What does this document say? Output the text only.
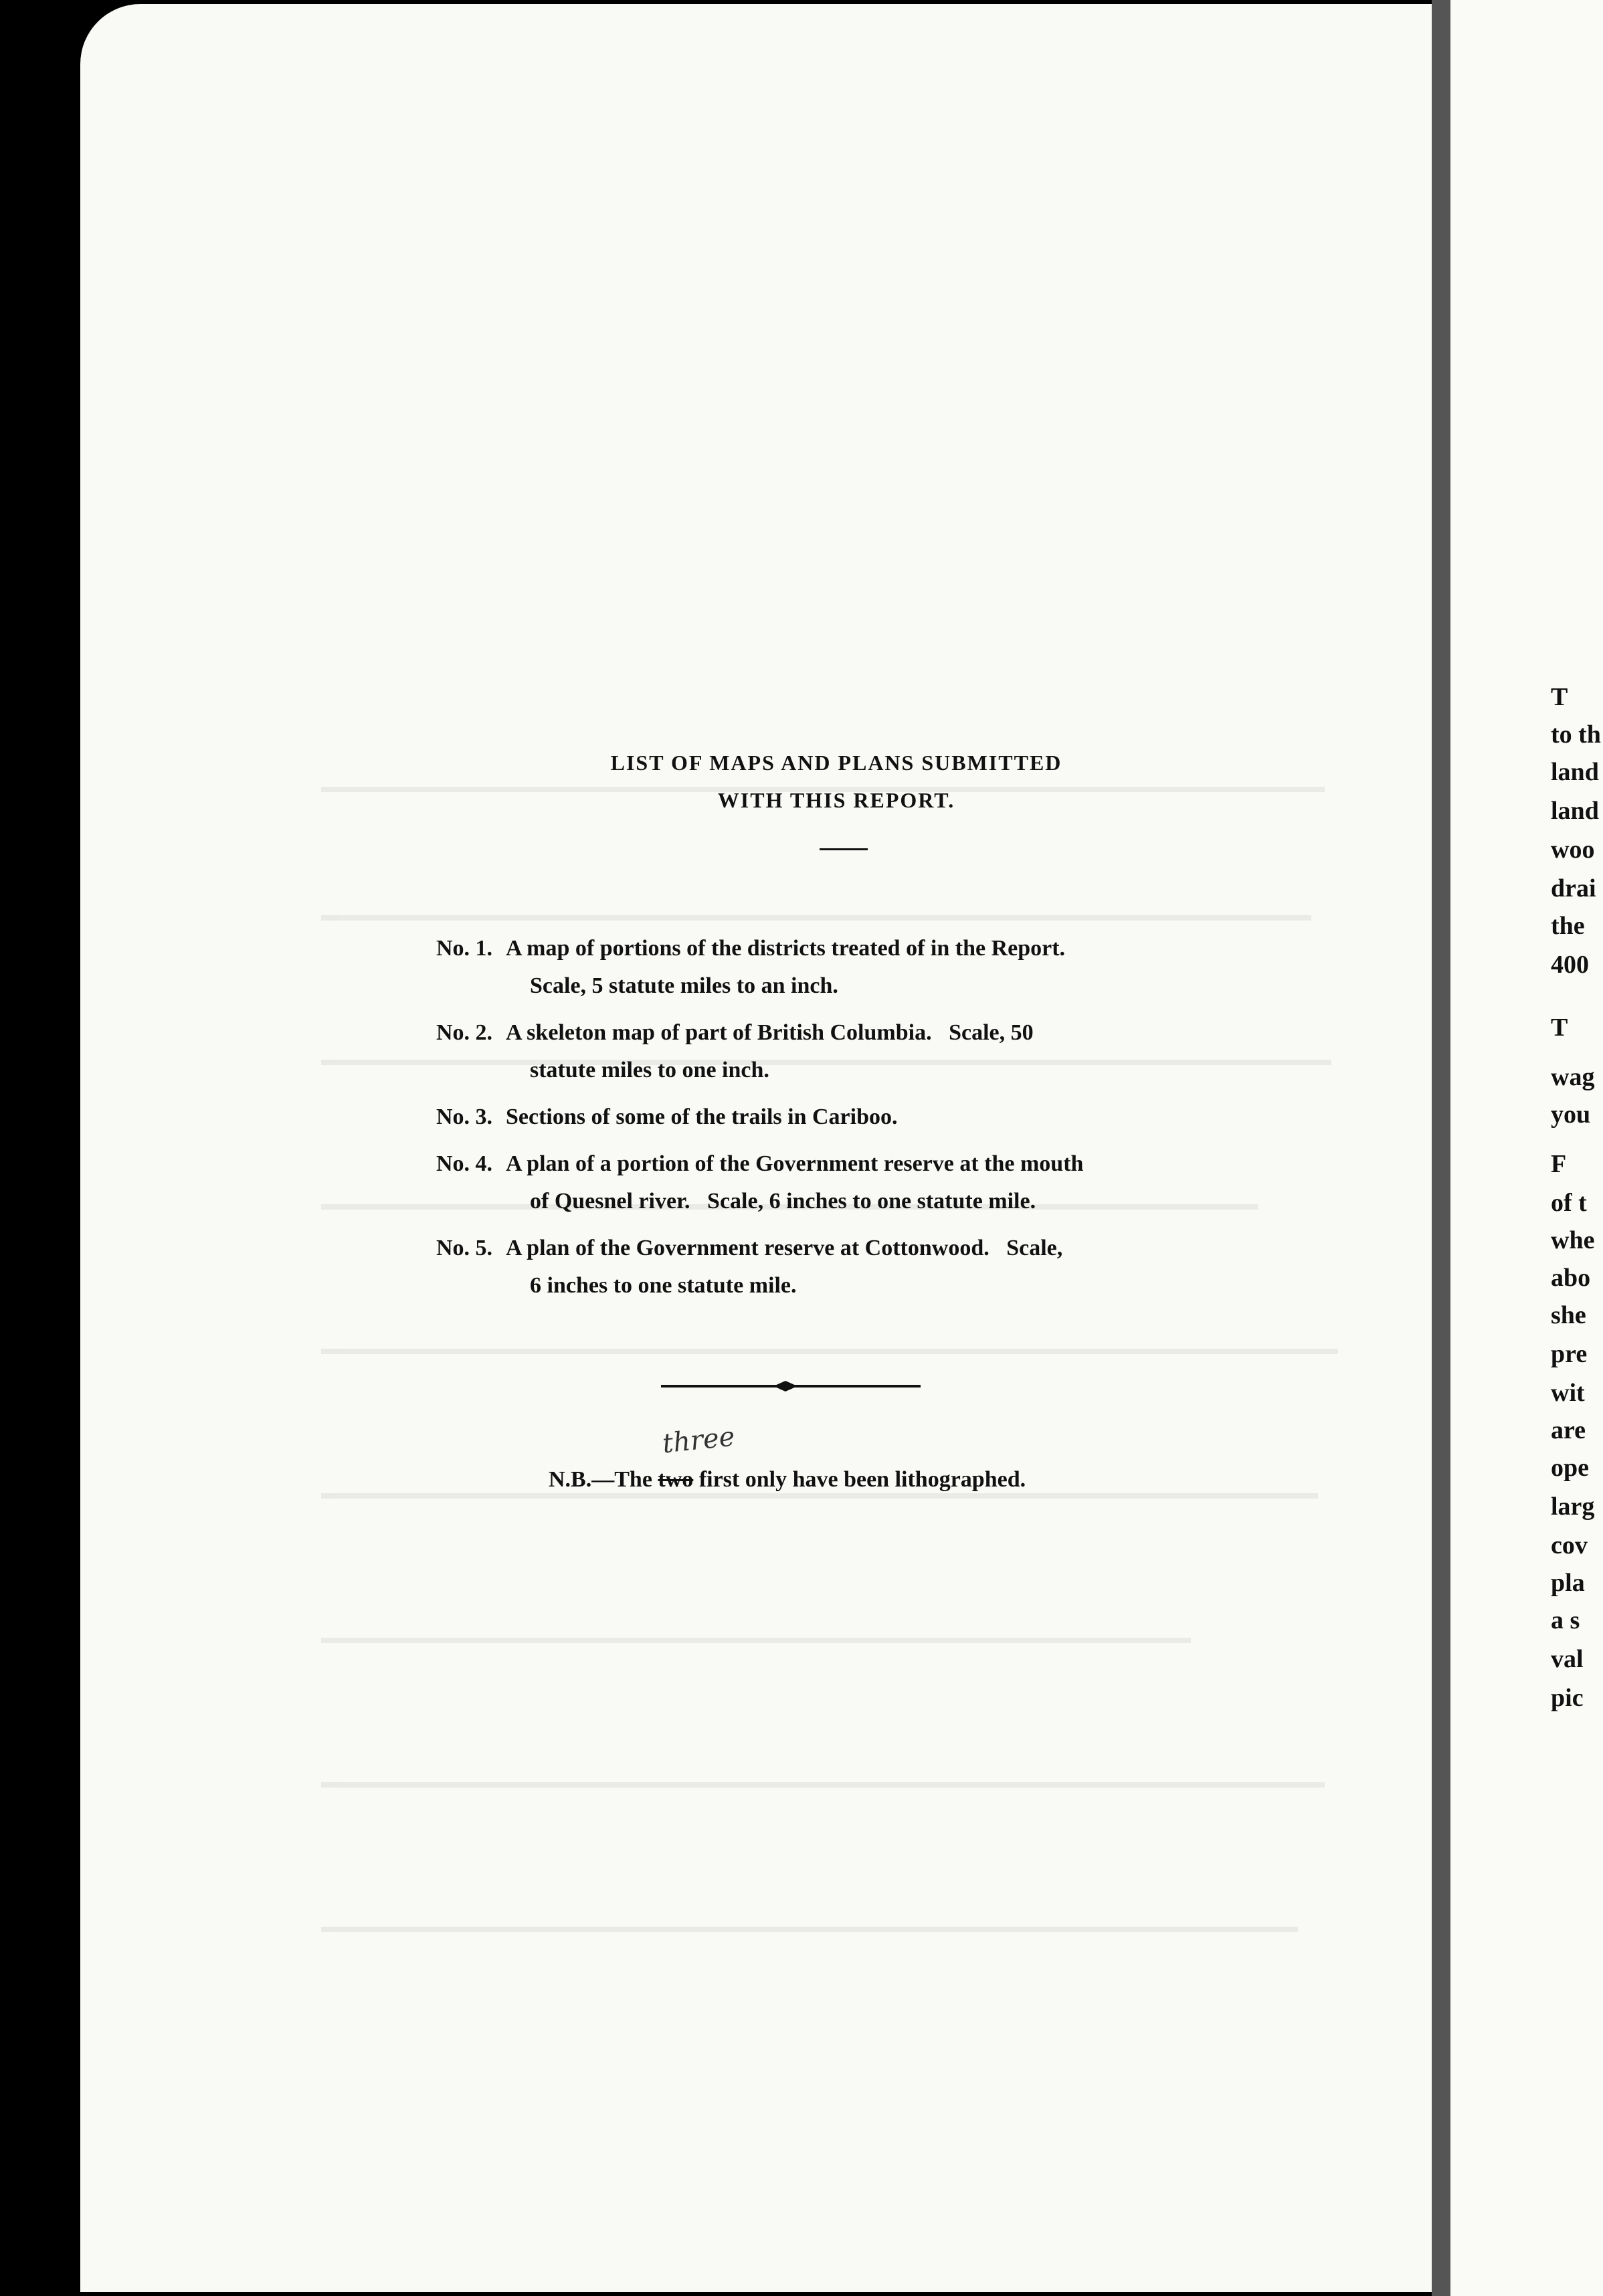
LIST OF MAPS AND PLANS SUBMITTED
WITH THIS REPORT.
No. 1. A map of portions of the districts treated of in the Report.
Scale, 5 statute miles to an inch.
No. 2. A skeleton map of part of British Columbia.   Scale, 50
statute miles to one inch.
No. 3. Sections of some of the trails in Cariboo.
No. 4. A plan of a portion of the Government reserve at the mouth
of Quesnel river.   Scale, 6 inches to one statute mile.
No. 5. A plan of the Government reserve at Cottonwood.   Scale,
6 inches to one statute mile.
three
N.B.—The two first only have been lithographed.
T
to th
land
land
woo
drai
the
400
T
wag
you
F
of t
whe
abo
she
pre
wit
are
ope
larg
cov
pla
a s
val
pic
